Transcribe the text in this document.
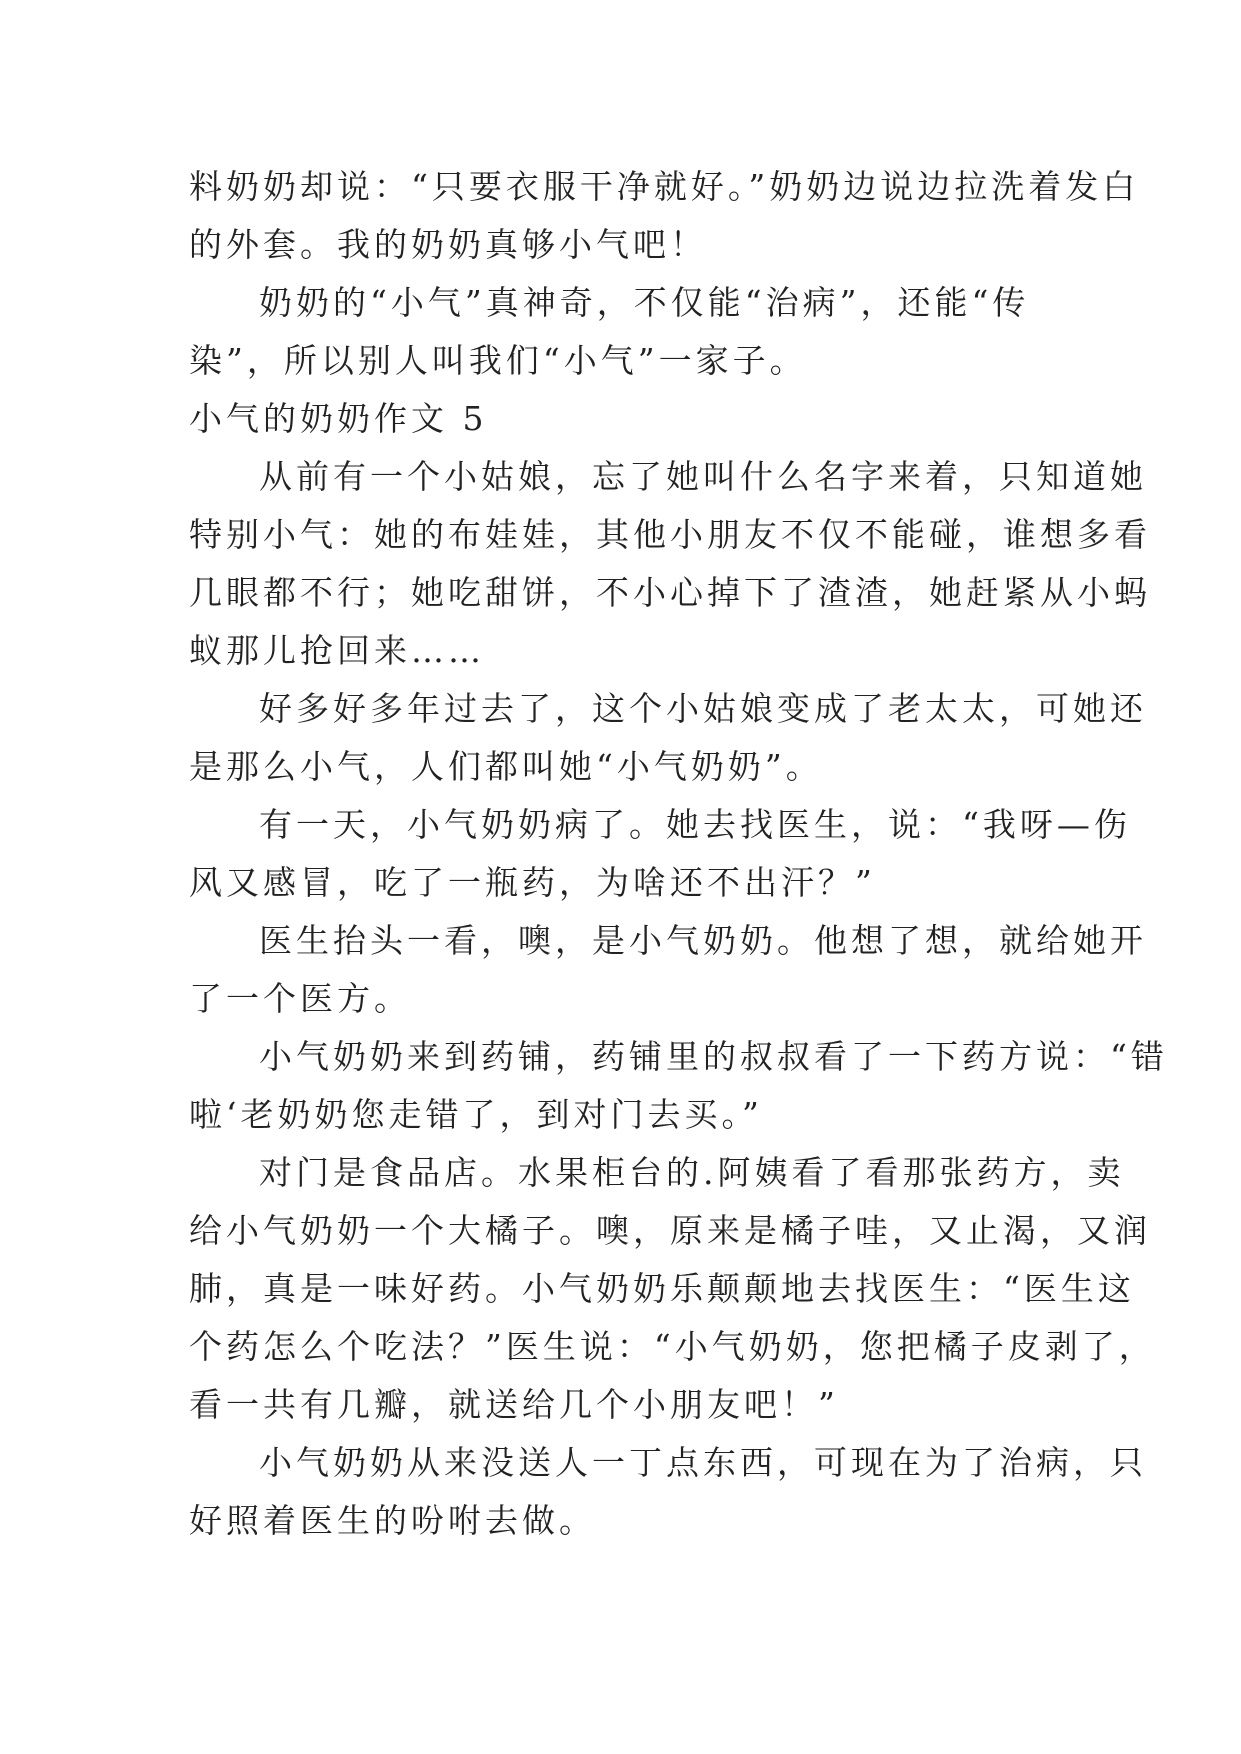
料奶奶却说：“只要衣服干净就好。”奶奶边说边拉洗着发白
的外套。我的奶奶真够小气吧！
奶奶的“小气”真神奇，不仅能“治病”，还能“传
染”，所以别人叫我们“小气”一家子。
小气的奶奶作文 5
从前有一个小姑娘，忘了她叫什么名字来着，只知道她
特别小气：她的布娃娃，其他小朋友不仅不能碰，谁想多看
几眼都不行；她吃甜饼，不小心掉下了渣渣，她赶紧从小蚂
蚁那儿抢回来……
好多好多年过去了，这个小姑娘变成了老太太，可她还
是那么小气，人们都叫她“小气奶奶”。
有一天，小气奶奶病了。她去找医生，说：“我呀—伤
风又感冒，吃了一瓶药，为啥还不出汗？”
医生抬头一看，噢，是小气奶奶。他想了想，就给她开
了一个医方。
小气奶奶来到药铺，药铺里的叔叔看了一下药方说：“错
啦‘老奶奶您走错了，到对门去买。”
对门是食品店。水果柜台的.阿姨看了看那张药方，卖
给小气奶奶一个大橘子。噢，原来是橘子哇，又止渴，又润
肺，真是一味好药。小气奶奶乐颠颠地去找医生：“医生这
个药怎么个吃法？”医生说：“小气奶奶，您把橘子皮剥了，
看一共有几瓣，就送给几个小朋友吧！”
小气奶奶从来没送人一丁点东西，可现在为了治病，只
好照着医生的吩咐去做。
